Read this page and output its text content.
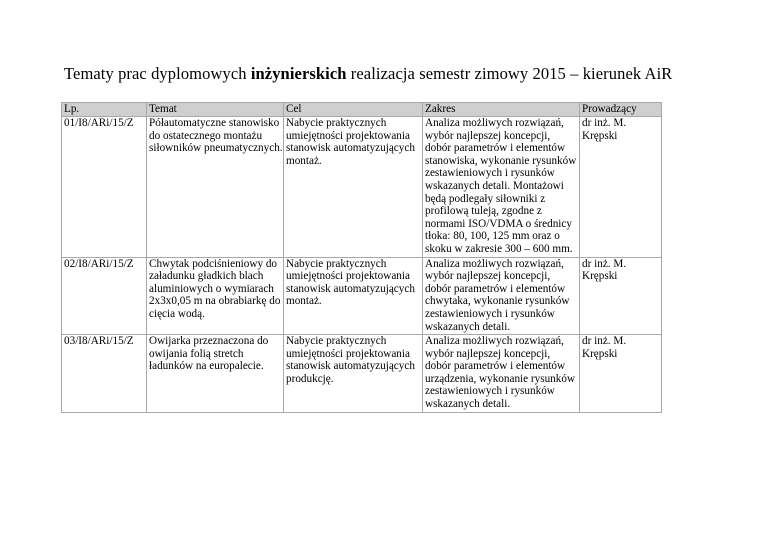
Tematy prac dyplomowych inżynierskich realizacja semestr zimowy 2015 – kierunek AiR
Lp.	Temat	Cel	Zakres	Prowadzący
01/I8/ARi/15/Z	Półautomatyczne stanowisko do ostatecznego montażu siłowników pneumatycznych.	Nabycie praktycznych umiejętności projektowania stanowisk automatyzujących montaż.	Analiza możliwych rozwiązań, wybór najlepszej koncepcji, dobór parametrów i elementów stanowiska, wykonanie rysunków zestawieniowych i rysunków wskazanych detali. Montażowi będą podlegały siłowniki z profilową tuleją, zgodne z normami ISO/VDMA o średnicy tłoka: 80, 100, 125 mm oraz o skoku w zakresie 300 – 600 mm.	dr inż. M. Krępski
02/I8/ARi/15/Z	Chwytak podciśnieniowy do załadunku gładkich blach aluminiowych o wymiarach 2x3x0,05 m na obrabiarkę do cięcia wodą.	Nabycie praktycznych umiejętności projektowania stanowisk automatyzujących montaż.	Analiza możliwych rozwiązań, wybór najlepszej koncepcji, dobór parametrów i elementów chwytaka, wykonanie rysunków zestawieniowych i rysunków wskazanych detali.	dr inż. M. Krępski
03/I8/ARi/15/Z	Owijarka przeznaczona do owijania folią stretch ładunków na europalecie.	Nabycie praktycznych umiejętności projektowania stanowisk automatyzujących produkcję.	Analiza możliwych rozwiązań, wybór najlepszej koncepcji, dobór parametrów i elementów urządzenia, wykonanie rysunków zestawieniowych i rysunków wskazanych detali.	dr inż. M. Krępski
